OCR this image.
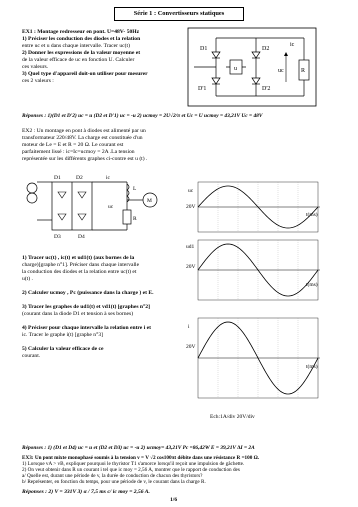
Série 1 : Convertisseurs statiques
EX1 : Montage redresseur en pont. U=48V- 50Hz
1) Préciser les conduction des diodes et la relation
entre uc et u dans chaque intervalle. Tracer uc(t)
2) Donner les expressions de la valeur moyenne et
de la valeur efficace de uc en fonction U. Calculer
ces valeurs.
3) Quel type d'appareil doit-on utiliser pour mesurer
ces 2 valeurs :
D1	D2
D'1	D'2
u
ic
uc	R
Réponses : 1)(D1 et D'2) uc = u (D2 et D'1) uc = -u 2) ucmoy = 2U√2/π et Uc = U ucmoy = 43,21V Uc = 48V
EX2 : Un montage en pont à diodes est alimenté par un
transformateur 220/48V. La charge est constituée d'un
moteur de Le = E et R = 20 Ω. Le courant est
parfaitement lissé : ic=Ic=ucmoy = 2A .La tension
représentée sur les différents graphes ci-contre est u (t) .
D1	D2
D3	D4
ic
uc
L
R
M
1) Tracer uc(t) , ic(t) et ud1(t) (aux bornes de la
charge)[graphe n°1]. Préciser dans chaque intervalle
la conduction des diodes et la relation entre uc(t) et
u(t) .
2) Calculer ucmoy , Pc (puissance dans la charge ) et E.
3) Tracer les graphes de ud1(t) et vd1(t) [graphes n°2]
(courant dans la diode D1 et tension à ses bornes)
4) Préciser pour chaque intervalle la relation entre i et
ic. Tracer le graphe i(t) [graphe n°3]
5) Calculer la valeur efficace de ce
courant.
uc
ud1
i
20V
20V
20V
t(ms)
t(ms)
t(ms)
Ech:1A/div 20V/div
Réponses : 1) (D1 et D4) uc = u et (D2 et D3) uc = -u 2) ucmoy= 43,21V Pc =86,42W E = 39,21V ∆I = 2A
EX3: Un pont mixte monophasé soumis à la tension v = V √2 cos100πt débite dans une résistance R =100 Ω.
1) Lorsque vA > vB, expliquer pourquoi le thyristor T1 s'amorce lorsqu'il reçoit une impulsion de gâchette.
2) On veut obtenir dans R un courant i tel que ic moy = 2,56 A, montrer que le rapport de conduction des
a/ Quelle est, durant une période de v, la durée de conduction de chacun des thyristors?
b/ Représenter, en fonction du temps, pour une période de v, le courant dans la charge R.
Réponses : 2) V = 331V 3) α / 7,5 ms c/ ic moy = 2,56 A.
1/6
